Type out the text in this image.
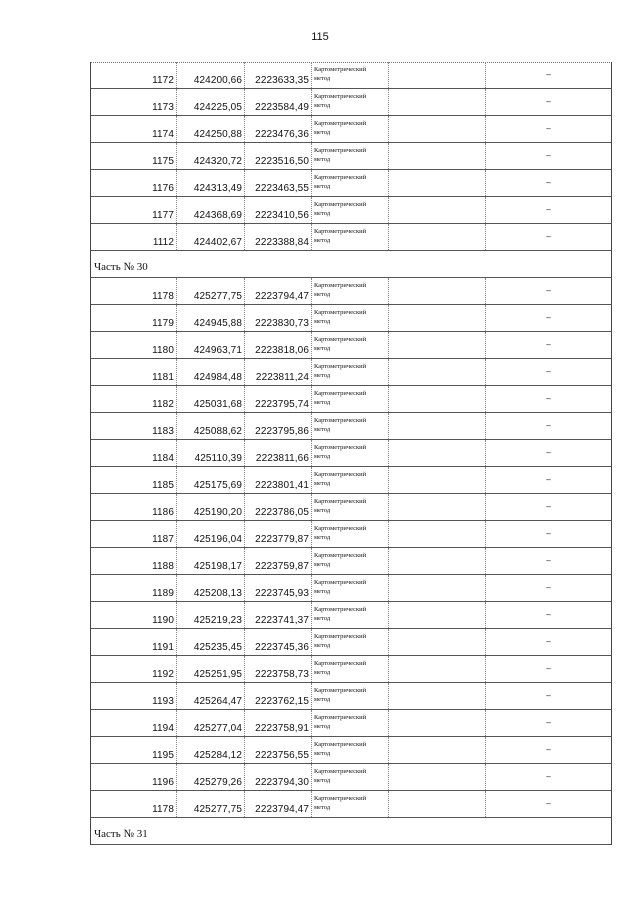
115
1172 424200,66 2223633,35
Картометрический
метод	–
1173 424225,05 2223584,49
Картометрический
метод	–
1174 424250,88 2223476,36
Картометрический
метод	–
1175 424320,72 2223516,50
Картометрический
метод	–
1176 424313,49 2223463,55
Картометрический
метод	–
1177 424368,69 2223410,56
Картометрический
метод	–
1112 424402,67 2223388,84
Картометрический
метод	–
Часть № 30
1178 425277,75 2223794,47
Картометрический
метод	–
1179 424945,88 2223830,73
Картометрический
метод	–
1180 424963,71 2223818,06
Картометрический
метод	–
1181 424984,48 2223811,24
Картометрический
метод	–
1182 425031,68 2223795,74
Картометрический
метод	–
1183 425088,62 2223795,86
Картометрический
метод	–
1184 425110,39 2223811,66
Картометрический
метод	–
1185 425175,69 2223801,41
Картометрический
метод	–
1186 425190,20 2223786,05
Картометрический
метод	–
1187 425196,04 2223779,87
Картометрический
метод	–
1188 425198,17 2223759,87
Картометрический
метод	–
1189 425208,13 2223745,93
Картометрический
метод	–
1190 425219,23 2223741,37
Картометрический
метод	–
1191 425235,45 2223745,36
Картометрический
метод	–
1192 425251,95 2223758,73
Картометрический
метод	–
1193 425264,47 2223762,15
Картометрический
метод	–
1194 425277,04 2223758,91
Картометрический
метод	–
1195 425284,12 2223756,55
Картометрический
метод	–
1196 425279,26 2223794,30
Картометрический
метод	–
1178 425277,75 2223794,47
Картометрический
метод	–
Часть № 31
